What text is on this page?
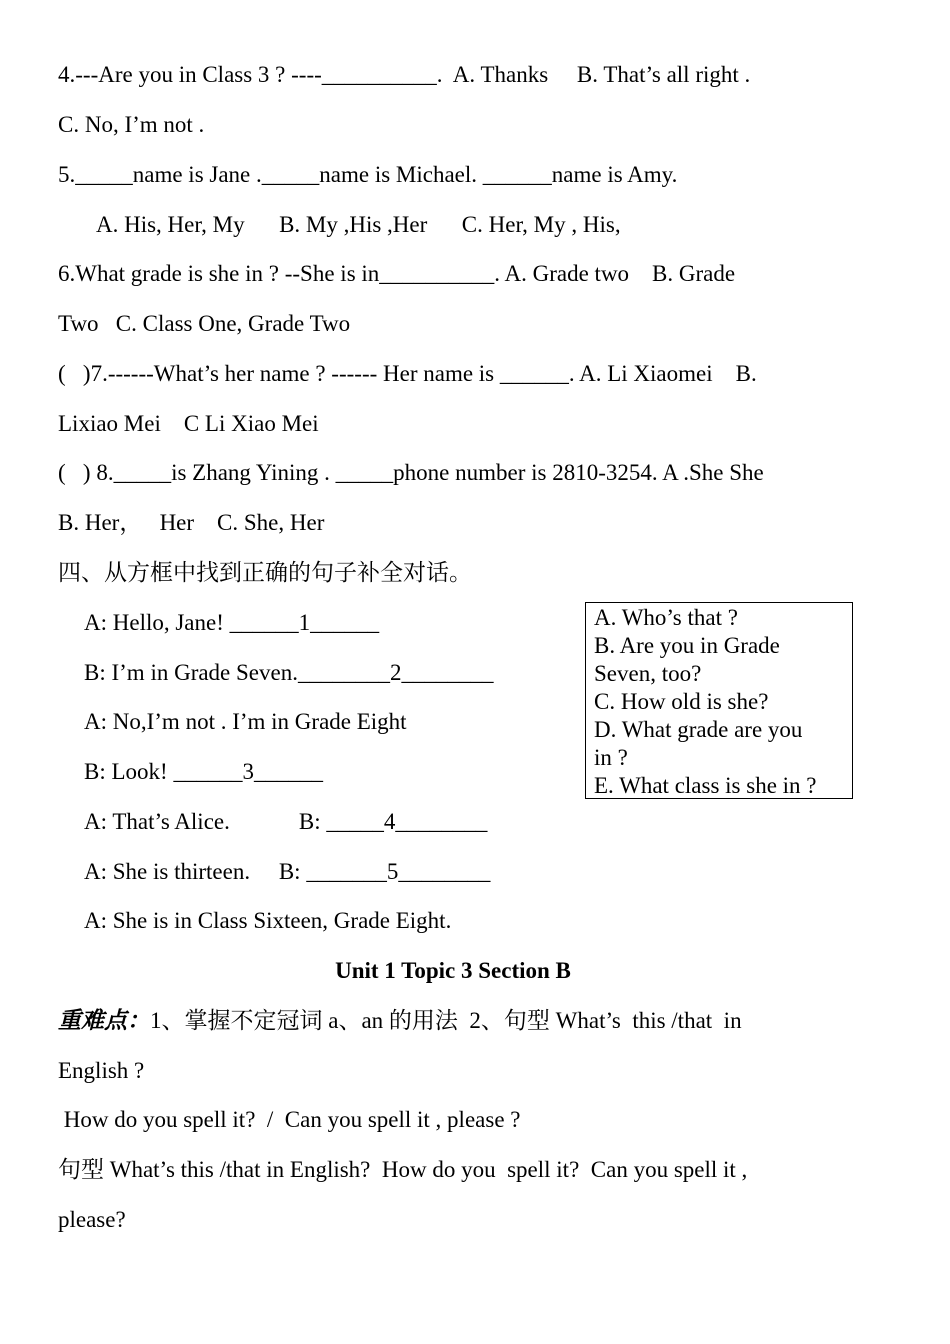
4.---Are you in Class 3 ? ----__________.  A. Thanks     B. That’s all right .
C. No, I’m not .
5._____name is Jane ._____name is Michael. ______name is Amy.
A. His, Her, My      B. My ,His ,Her      C. Her, My , His,
6.What grade is she in ? --She is in__________. A. Grade two    B. Grade
Two   C. Class One, Grade Two
(   )7.------What’s her name ? ------ Her name is ______. A. Li Xiaomei    B.
Lixiao Mei    C Li Xiao Mei
(   ) 8._____is Zhang Yining . _____phone number is 2810-3254. A .She She
B. Her，   Her    C. She, Her
四、从方框中找到正确的句子补全对话。
A: Hello, Jane! ______1______
B: I’m in Grade Seven.________2________
A: No,I’m not . I’m in Grade Eight
B: Look! ______3______
A: That’s Alice.            B: _____4________
A: She is thirteen.     B: _______5________
A: She is in Class Sixteen, Grade Eight.
A. Who’s that ?
B. Are you in Grade
Seven, too?
C. How old is she?
D. What grade are you
in ?
E. What class is she in ?
Unit 1 Topic 3 Section B
重难点：1、掌握不定冠词 a、an 的用法  2、句型 What’s  this /that  in
English ?
How do you spell it?  /  Can you spell it , please ?
句型 What’s this /that in English?  How do you  spell it?  Can you spell it ,
please?
